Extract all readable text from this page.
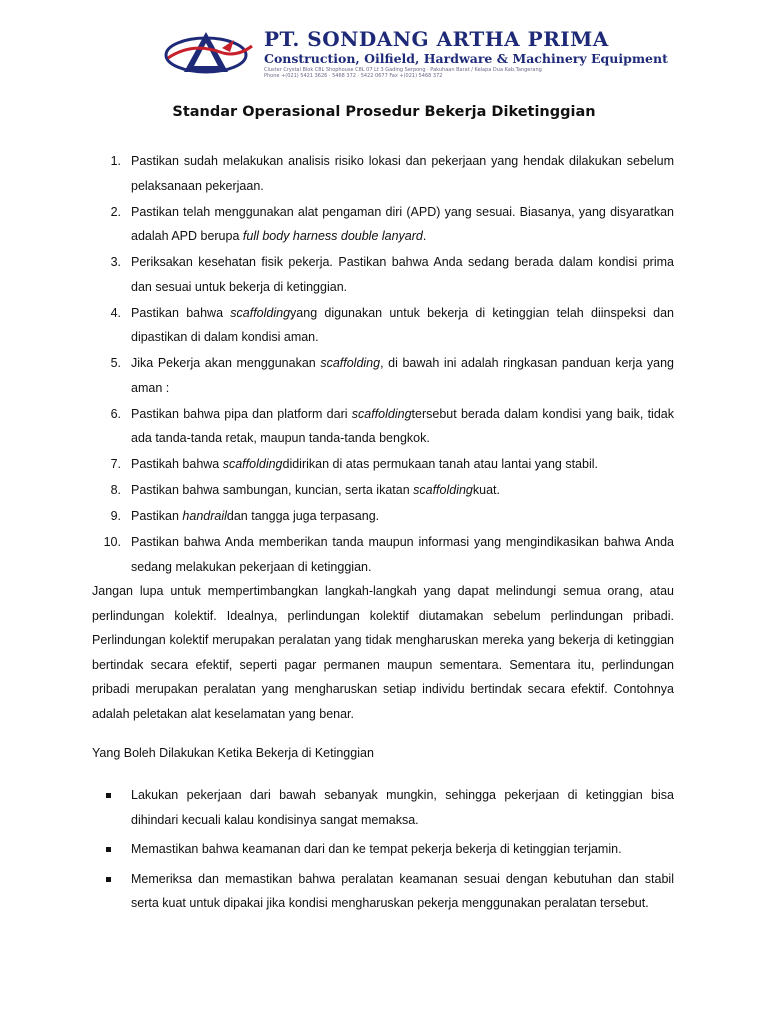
PT. SONDANG ARTHA PRIMA
Construction, Oilfield, Hardware & Machinery Equipment
Cluster Crystal Blok C8L Shophouse C8L 07 Lt 3 Gading Serpong · Pakuhaan Barat / Kelapa Dua Kab.Tangerang
Phone +(021) 5421 3626 · 5468 372 · 5422 0677 Fax +(021) 5468 372
Standar Operasional Prosedur Bekerja Diketinggian
1. Pastikan sudah melakukan analisis risiko lokasi dan pekerjaan yang hendak dilakukan sebelum pelaksanaan pekerjaan.
2. Pastikan telah menggunakan alat pengaman diri (APD) yang sesuai. Biasanya, yang disyaratkan adalah APD berupa full body harness double lanyard.
3. Periksakan kesehatan fisik pekerja. Pastikan bahwa Anda sedang berada dalam kondisi prima dan sesuai untuk bekerja di ketinggian.
4. Pastikan bahwa scaffoldingyang digunakan untuk bekerja di ketinggian telah diinspeksi dan dipastikan di dalam kondisi aman.
5. Jika Pekerja akan menggunakan scaffolding, di bawah ini adalah ringkasan panduan kerja yang aman :
6. Pastikan bahwa pipa dan platform dari scaffoldingtersebut berada dalam kondisi yang baik, tidak ada tanda-tanda retak, maupun tanda-tanda bengkok.
7. Pastikah bahwa scaffoldingdidirikan di atas permukaan tanah atau lantai yang stabil.
8. Pastikan bahwa sambungan, kuncian, serta ikatan scaffoldingkuat.
9. Pastikan handraildan tangga juga terpasang.
10. Pastikan bahwa Anda memberikan tanda maupun informasi yang mengindikasikan bahwa Anda sedang melakukan pekerjaan di ketinggian.

Jangan lupa untuk mempertimbangkan langkah-langkah yang dapat melindungi semua orang, atau perlindungan kolektif. Idealnya, perlindungan kolektif diutamakan sebelum perlindungan pribadi. Perlindungan kolektif merupakan peralatan yang tidak mengharuskan mereka yang bekerja di ketinggian bertindak secara efektif, seperti pagar permanen maupun sementara. Sementara itu, perlindungan pribadi merupakan peralatan yang mengharuskan setiap individu bertindak secara efektif. Contohnya adalah peletakan alat keselamatan yang benar.

Yang Boleh Dilakukan Ketika Bekerja di Ketinggian

Lakukan pekerjaan dari bawah sebanyak mungkin, sehingga pekerjaan di ketinggian bisa dihindari kecuali kalau kondisinya sangat memaksa.
Memastikan bahwa keamanan dari dan ke tempat pekerja bekerja di ketinggian terjamin.
Memeriksa dan memastikan bahwa peralatan keamanan sesuai dengan kebutuhan dan stabil serta kuat untuk dipakai jika kondisi mengharuskan pekerja menggunakan peralatan tersebut.
